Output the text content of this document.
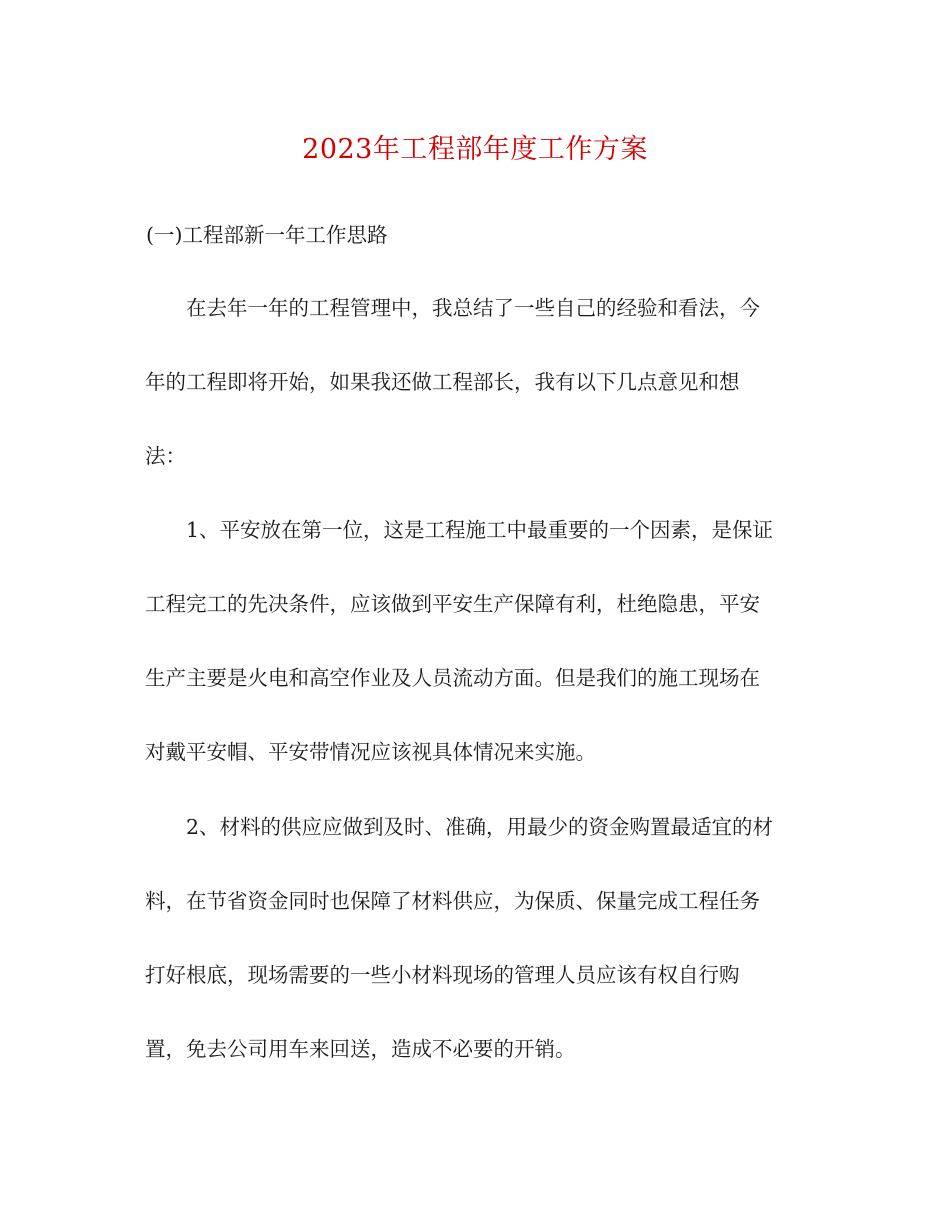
2023年工程部年度工作方案
(一)工程部新一年工作思路

在去年一年的工程管理中，我总结了一些自己的经验和看法，今
年的工程即将开始，如果我还做工程部长，我有以下几点意见和想
法：

1、平安放在第一位，这是工程施工中最重要的一个因素，是保证
工程完工的先决条件，应该做到平安生产保障有利，杜绝隐患，平安
生产主要是火电和高空作业及人员流动方面。但是我们的施工现场在
对戴平安帽、平安带情况应该视具体情况来实施。

2、材料的供应应做到及时、准确，用最少的资金购置最适宜的材
料，在节省资金同时也保障了材料供应，为保质、保量完成工程任务
打好根底，现场需要的一些小材料现场的管理人员应该有权自行购
置，免去公司用车来回送，造成不必要的开销。
